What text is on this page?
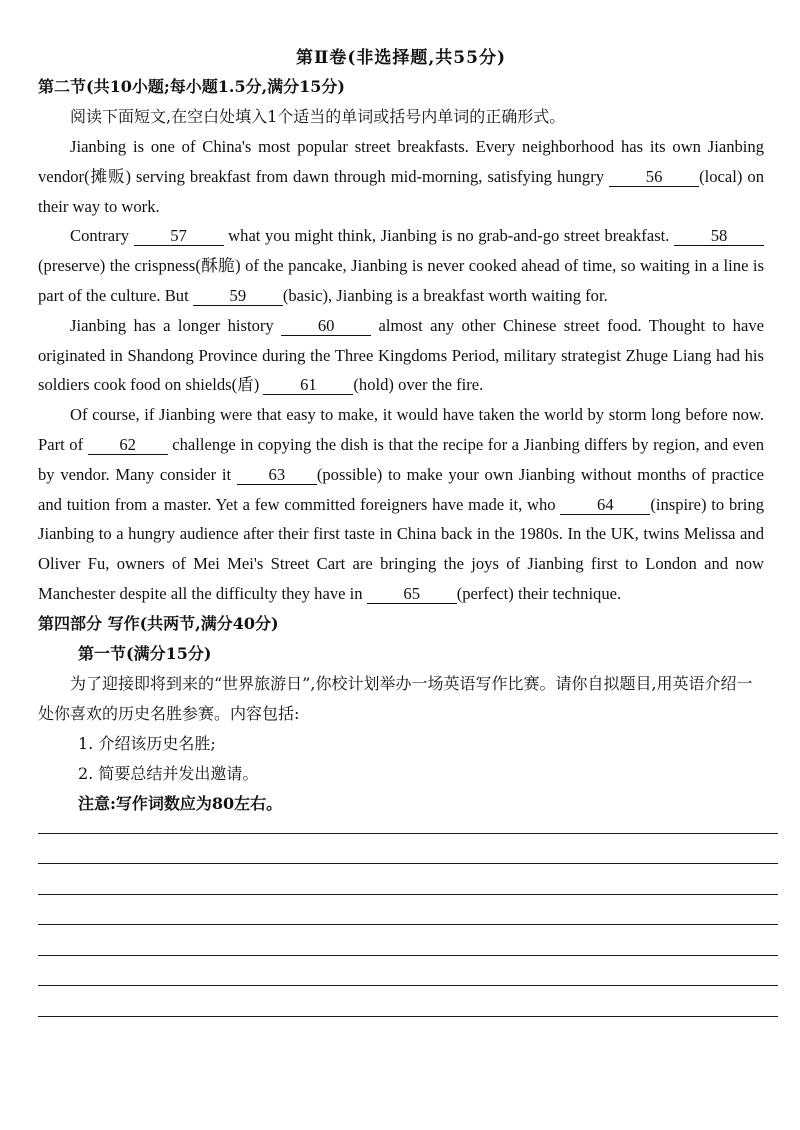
第Ⅱ卷(非选择题,共55分)
第二节(共10小题;每小题1.5分,满分15分)
阅读下面短文,在空白处填入1个适当的单词或括号内单词的正确形式。

Jianbing is one of China's most popular street breakfasts. Every neighborhood has its own Jianbing vendor(摊贩) serving breakfast from dawn through mid-morning, satisfying hungry 56 (local) on their way to work.

Contrary 57 what you might think, Jianbing is no grab-and-go street breakfast. 58(preserve) the crispness(酥脆) of the pancake, Jianbing is never cooked ahead of time, so waiting in a line is part of the culture. But 59 (basic), Jianbing is a breakfast worth waiting for.

Jianbing has a longer history 60 almost any other Chinese street food. Thought to have originated in Shandong Province during the Three Kingdoms Period, military strategist Zhuge Liang had his soldiers cook food on shields(盾) 61 (hold) over the fire.

Of course, if Jianbing were that easy to make, it would have taken the world by storm long before now. Part of 62 challenge in copying the dish is that the recipe for a Jianbing differs by region, and even by vendor. Many consider it 63 (possible) to make your own Jianbing without months of practice and tuition from a master. Yet a few committed foreigners have made it, who 64 (inspire) to bring Jianbing to a hungry audience after their first taste in China back in the 1980s. In the UK, twins Melissa and Oliver Fu, owners of Mei Mei's Street Cart are bringing the joys of Jianbing first to London and now Manchester despite all the difficulty they have in 65 (perfect) their technique.

第四部分 写作(共两节,满分40分)
第一节(满分15分)

为了迎接即将到来的“世界旅游日”,你校计划举办一场英语写作比赛。请你自拟题目,用英语介绍一处你喜欢的历史名胜参赛。内容包括:

1. 介绍该历史名胜;
2. 简要总结并发出邀请。
注意:写作词数应为80左右。
